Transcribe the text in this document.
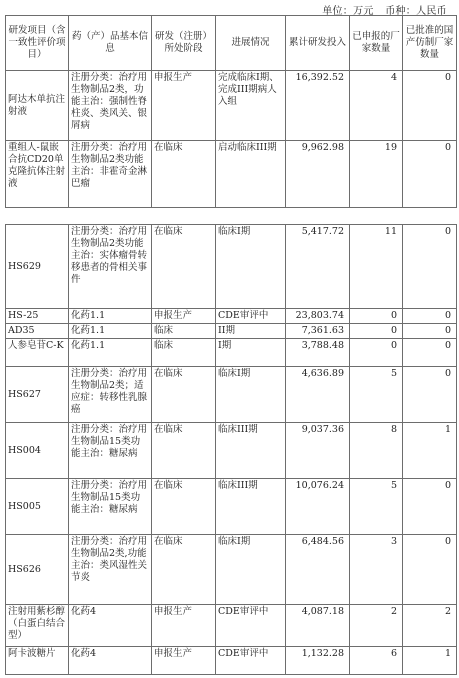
单位：万元 币种：人民币
研发项目（含一致性评价项目）	药（产）品基本信息	研发（注册）所处阶段	进展情况	累计研发投入	已申报的厂家数量	已批准的国产仿制厂家数量
阿达木单抗注射液	注册分类：治疗用生物制品2类，功能主治：强制性脊柱炎、类风关、银屑病	申报生产	完成临床I期、完成III期病人入组	16,392.52	4	0
重组人-鼠嵌合抗CD20单克隆抗体注射液	注册分类：治疗用生物制品2类功能主治：非霍奇金淋巴瘤	在临床	启动临床III期	9,962.98	19	0

HS629	注册分类：治疗用生物制品2类功能主治：实体瘤骨转移患者的骨相关事件	在临床	临床I期	5,417.72	11	0
HS-25	化药1.1	申报生产	CDE审评中	23,803.74	0	0
AD35	化药1.1	临床	II期	7,361.63	0	0
人参皂苷C-K	化药1.1	临床	I期	3,788.48	0	0
HS627	注册分类：治疗用生物制品2类；适应症：转移性乳腺癌	在临床	临床I期	4,636.89	5	0
HS004	注册分类：治疗用生物制品15类功能主治：糖尿病	在临床	临床III期	9,037.36	8	1
HS005	注册分类：治疗用生物制品15类功能主治：糖尿病	在临床	临床III期	10,076.24	5	0
HS626	注册分类：治疗用生物制品2类,功能主治：类风湿性关节炎	在临床	临床I期	6,484.56	3	0
注射用紫杉醇（白蛋白结合型）	化药4	申报生产	CDE审评中	4,087.18	2	2
阿卡波糖片	化药4	申报生产	CDE审评中	1,132.28	6	1
